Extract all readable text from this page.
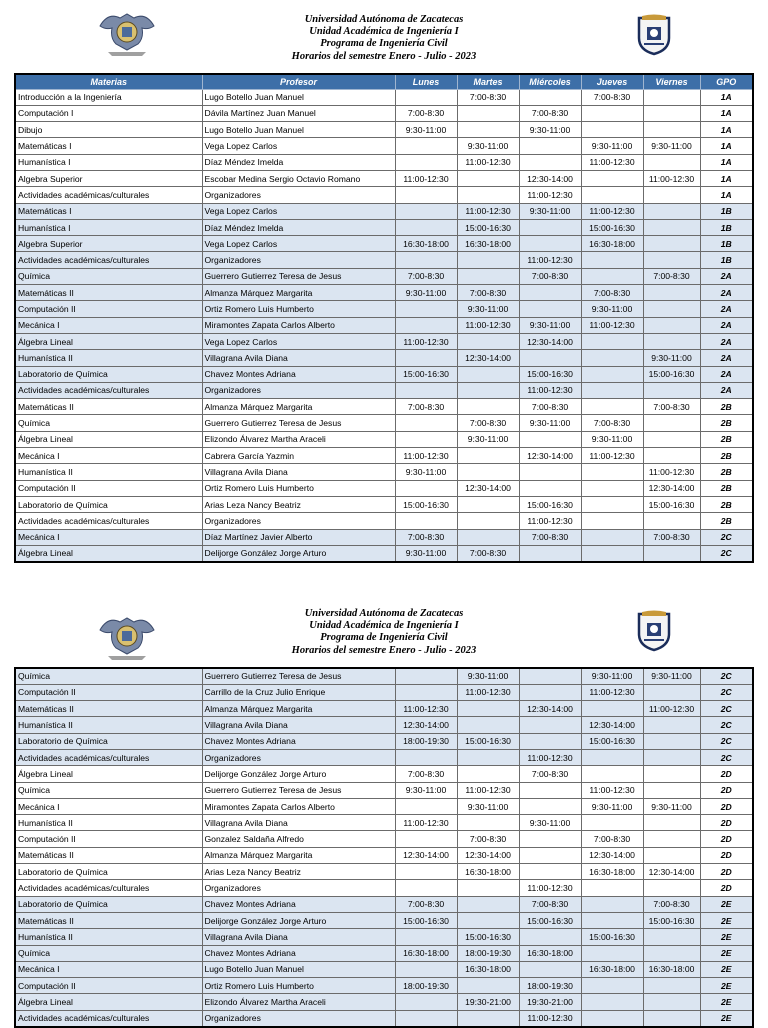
Universidad Autónoma de Zacatecas
Unidad Académica de Ingeniería I
Programa de Ingeniería Civil
Horarios del semestre Enero - Julio - 2023
Materias	Profesor	Lunes	Martes	Miércoles	Jueves	Viernes	GPO
Introducción a la Ingeniería	Lugo Botello Juan Manuel		7:00-8:30		7:00-8:30		1A
Computación I	Dávila Martínez Juan Manuel	7:00-8:30		7:00-8:30			1A
Dibujo	Lugo Botello Juan Manuel	9:30-11:00		9:30-11:00			1A
Matemáticas I	Vega Lopez Carlos		9:30-11:00		9:30-11:00	9:30-11:00	1A
Humanística I	Díaz Méndez Imelda		11:00-12:30		11:00-12:30		1A
Algebra Superior	Escobar Medina Sergio Octavio Romano	11:00-12:30		12:30-14:00		11:00-12:30	1A
Actividades académicas/culturales	Organizadores			11:00-12:30			1A
Matemáticas I	Vega Lopez Carlos		11:00-12:30	9:30-11:00	11:00-12:30		1B
Humanística I	Díaz Méndez Imelda		15:00-16:30		15:00-16:30		1B
Algebra Superior	Vega Lopez Carlos	16:30-18:00	16:30-18:00		16:30-18:00		1B
Actividades académicas/culturales	Organizadores			11:00-12:30			1B
Química	Guerrero Gutierrez Teresa de Jesus	7:00-8:30		7:00-8:30		7:00-8:30	2A
Matemáticas II	Almanza Márquez Margarita	9:30-11:00	7:00-8:30		7:00-8:30		2A
Computación II	Ortiz Romero Luis Humberto		9:30-11:00		9:30-11:00		2A
Mecánica I	Miramontes Zapata Carlos Alberto		11:00-12:30	9:30-11:00	11:00-12:30		2A
Álgebra Lineal	Vega Lopez Carlos	11:00-12:30		12:30-14:00			2A
Humanística II	Villagrana Avila Diana		12:30-14:00			9:30-11:00	2A
Laboratorio de Química	Chavez Montes Adriana	15:00-16:30		15:00-16:30		15:00-16:30	2A
Actividades académicas/culturales	Organizadores			11:00-12:30			2A
Matemáticas II	Almanza Márquez Margarita	7:00-8:30		7:00-8:30		7:00-8:30	2B
Química	Guerrero Gutierrez Teresa de Jesus		7:00-8:30	9:30-11:00	7:00-8:30		2B
Álgebra Lineal	Elizondo Álvarez Martha Araceli		9:30-11:00		9:30-11:00		2B
Mecánica I	Cabrera García Yazmin	11:00-12:30		12:30-14:00	11:00-12:30		2B
Humanística II	Villagrana Avila Diana	9:30-11:00				11:00-12:30	2B
Computación II	Ortiz Romero Luis Humberto		12:30-14:00			12:30-14:00	2B
Laboratorio de Química	Arias Leza Nancy Beatriz	15:00-16:30		15:00-16:30		15:00-16:30	2B
Actividades académicas/culturales	Organizadores			11:00-12:30			2B
Mecánica I	Díaz Martínez Javier Alberto	7:00-8:30		7:00-8:30		7:00-8:30	2C
Álgebra Lineal	Delijorge González Jorge Arturo	9:30-11:00	7:00-8:30				2C
Universidad Autónoma de Zacatecas
Unidad Académica de Ingeniería I
Programa de Ingeniería Civil
Horarios del semestre Enero - Julio - 2023
Química	Guerrero Gutierrez Teresa de Jesus		9:30-11:00		9:30-11:00	9:30-11:00	2C
Computación II	Carrillo de la Cruz Julio Enrique		11:00-12:30		11:00-12:30		2C
Matemáticas II	Almanza Márquez Margarita	11:00-12:30		12:30-14:00		11:00-12:30	2C
Humanística II	Villagrana Avila Diana	12:30-14:00			12:30-14:00		2C
Laboratorio de Química	Chavez Montes Adriana	18:00-19:30	15:00-16:30		15:00-16:30		2C
Actividades académicas/culturales	Organizadores			11:00-12:30			2C
Álgebra Lineal	Delijorge González Jorge Arturo	7:00-8:30		7:00-8:30			2D
Química	Guerrero Gutierrez Teresa de Jesus	9:30-11:00	11:00-12:30		11:00-12:30		2D
Mecánica I	Miramontes Zapata Carlos Alberto		9:30-11:00		9:30-11:00	9:30-11:00	2D
Humanística II	Villagrana Avila Diana	11:00-12:30		9:30-11:00			2D
Computación II	Gonzalez Saldaña Alfredo		7:00-8:30		7:00-8:30		2D
Matemáticas II	Almanza Márquez Margarita	12:30-14:00	12:30-14:00		12:30-14:00		2D
Laboratorio de Química	Arias Leza Nancy Beatriz		16:30-18:00		16:30-18:00	12:30-14:00	2D
Actividades académicas/culturales	Organizadores			11:00-12:30			2D
Laboratorio de Química	Chavez Montes Adriana	7:00-8:30		7:00-8:30		7:00-8:30	2E
Matemáticas II	Delijorge González Jorge Arturo	15:00-16:30		15:00-16:30		15:00-16:30	2E
Humanística II	Villagrana Avila Diana		15:00-16:30		15:00-16:30		2E
Química	Chavez Montes Adriana	16:30-18:00	18:00-19:30	16:30-18:00			2E
Mecánica I	Lugo Botello Juan Manuel		16:30-18:00		16:30-18:00	16:30-18:00	2E
Computación II	Ortiz Romero Luis Humberto	18:00-19:30		18:00-19:30			2E
Álgebra Lineal	Elizondo Álvarez Martha Araceli		19:30-21:00	19:30-21:00			2E
Actividades académicas/culturales	Organizadores			11:00-12:30			2E
